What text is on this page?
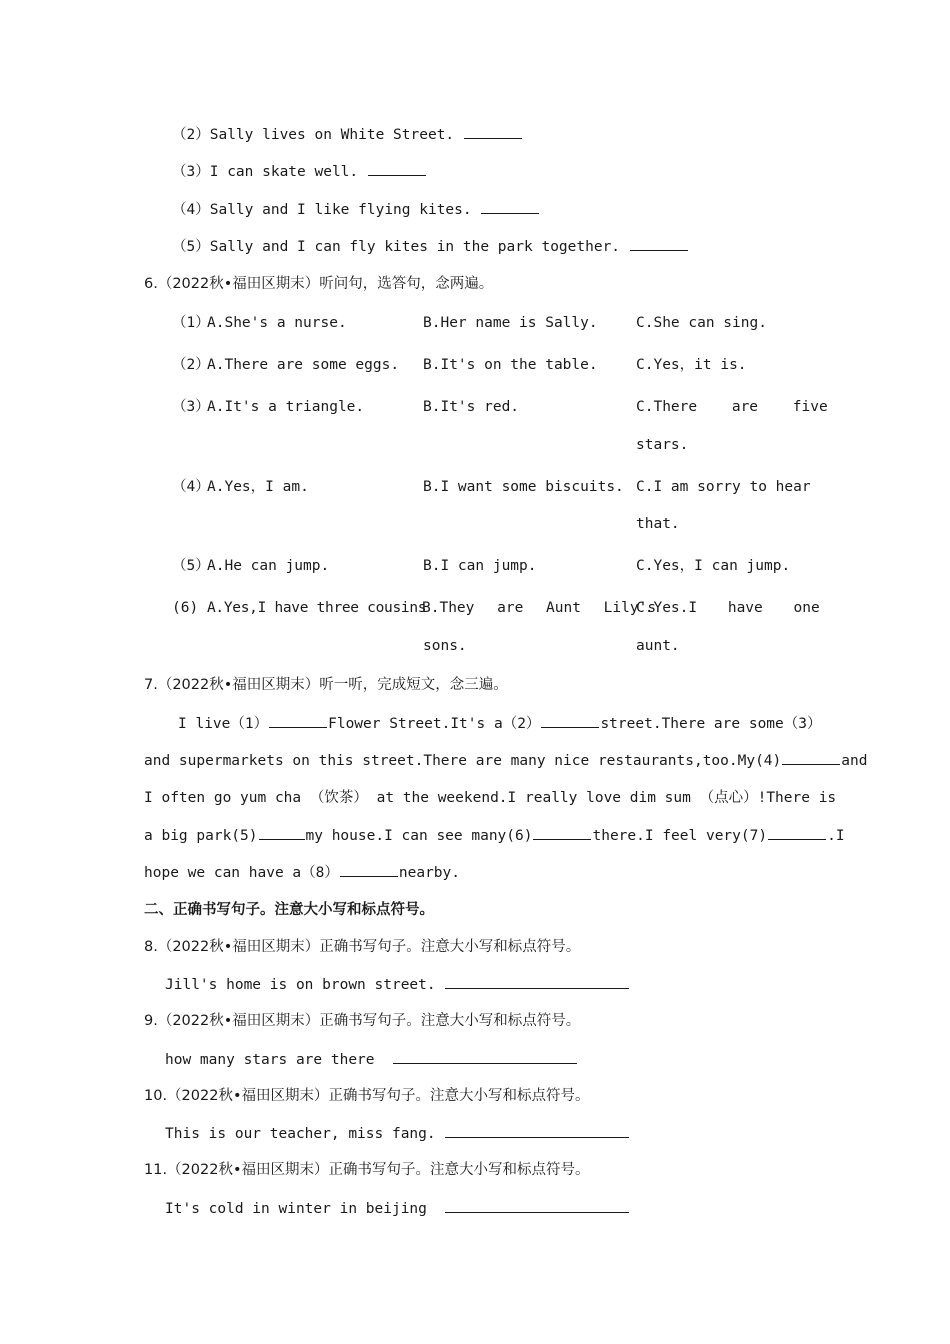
（2）Sally lives on White Street.
（3）I can skate well.
（4）Sally and I like flying kites.
（5）Sally and I can fly kites in the park together.
6.（2022秋•福田区期末）听问句，选答句，念两遍。
（1）
A.She's a nurse.	B.Her name is Sally.	C.She can sing.
（2）
A.There are some eggs. B.It's on the table.	C.Yes，it is.
（3）
A.It's a triangle.	B.It's red.	C.There are five
stars.
（4）
A.Yes，I am.	B.I want some biscuits. C.I am sorry to hear
that.
（5）
A.He can jump.	B.I can jump.	C.Yes，I can jump.
(6) A.Yes,I have three cousins
B.They are Aunt Lily's
sons.
C.Yes.I have one
aunt.
7.（2022秋•福田区期末）听一听，完成短文，念三遍。
I live（1）	Flower Street.It's a（2）	street.There are some（3）
and supermarkets on this street.There are many nice restaurants,too.My(4)	and
I often go yum cha （饮茶） at the weekend.I really love dim sum （点心）!There is
a big park(5)	my house.I can see many(6)	there.I feel very(7)	.I
hope we can have a（8）	nearby.
二、正确书写句子。注意大小写和标点符号。
8.（2022秋•福田区期末）正确书写句子。注意大小写和标点符号。
Jill's home is on brown street.
9.（2022秋•福田区期末）正确书写句子。注意大小写和标点符号。
how many stars are there
10.（2022秋•福田区期末）正确书写句子。注意大小写和标点符号。
This is our teacher, miss fang.
11.（2022秋•福田区期末）正确书写句子。注意大小写和标点符号。
It's cold in winter in beijing
